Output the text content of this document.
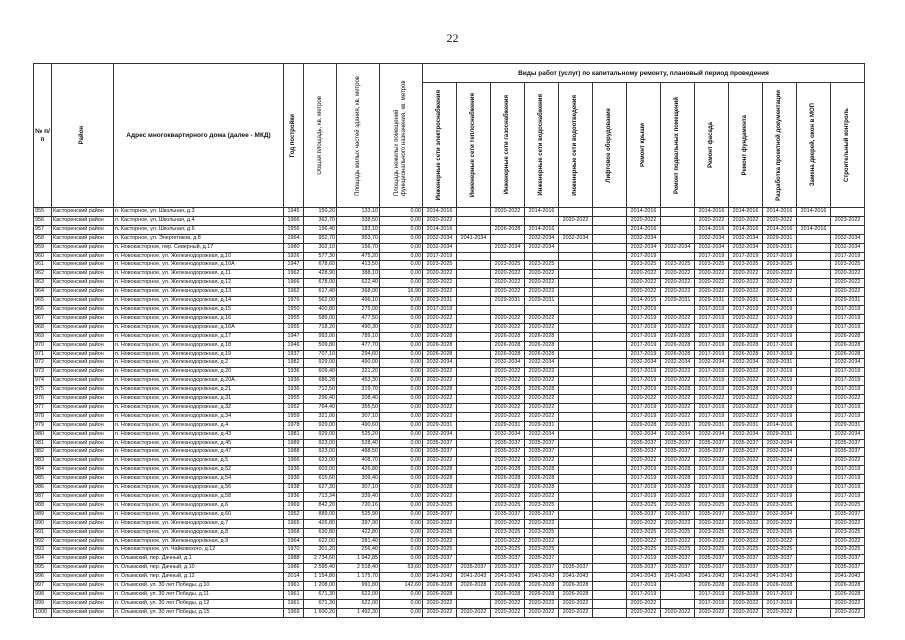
22
№ п/п	Район	Адрес многоквартирного дома (далее - МКД)	Год постройки	Общая площадь, кв. метров	Площадь жилых частей здания, кв. метров	Площадь нежилых помещений функционального назначения, кв. метров	Виды работ (услуг) по капитальному ремонту, плановый период проведения												

							Инженерные сети электроснабжения	Инженерные сети теплоснабжения	Инженерные сети газоснабжения	Инженерные сети водоснабжения	Инженерные сети водоотведения	Лифтовое оборудование	Ремонт крыши	Ремонт подвальных помещений	Ремонт фасада	Ремонт фундамента	Разработка проектной документации	Замена дверей, окон в МОП	Строительный контроль

955	Касторенский район	п. Касторное, ул. Школьная, д.3	1945	150,20	133,10	0,00	2014-2016		2020-2022	2014-2016			2014-2016		2014-2016	2014-2016	2014-2016	2014-2016	
956	Касторенский район	п. Касторное, ул. Школьная, д.4	1966	362,70	338,50	0,00	2020-2022				2020-2022		2020-2022		2020-2022	2020-2022	2020-2022		2023-2022
957	Касторенский район	п. Касторное, ул. Школьная, д.6	1956	196,40	183,10	0,00	2014-2016		2026-2028	2014-2016			2014-2016		2014-2016	2014-2016	2014-2016	2014-2016	
958	Касторенский район	п. Касторное, ул. Энергетиков, д.8	1964	952,70	953,70	0,00	2032-2034	2041-2034		2032-2034	2032-2034		2032-2034		2032-2034	2032-2034	2029-2031		2032-2034
959	Касторенский район	п. Новокасторное, пер. Северный, д.17	1980	302,10	156,70	0,00	2032-2034		2032-2034	2032-2034			2032-2034	2032-2034	2032-2034	2032-2034	2029-2031		2032-2034
960	Касторенский район	п. Новокасторное, ул. Железнодорожная, д.10	1926	577,30	475,20	0,00	2017-2019						2017-2019		2017-2019	2017-2019	2017-2019		2017-2019
961	Касторенский район	п. Новокасторное, ул. Железнодорожная, д.10А	1947	678,60	413,50	0,00	2023-2025		2023-2025	2023-2025			2023-2025	2023-2025	2023-2025	2023-2025	2023-2025		2023-2025
962	Касторенский район	п. Новокасторное, ул. Железнодорожная, д.11	1962	428,90	388,10	0,00	2020-2022		2020-2022	2020-2022			2020-2022	2020-2022	2020-2022	2020-2022	2020-2022		2020-2022
963	Касторенский район	п. Новокасторное, ул. Железнодорожная, д.12	1966	678,00	622,40	0,00	2020-2022		2020-2022	2020-2022			2020-2022	2020-2022	2020-2022	2020-2022	2020-2022		2020-2022
964	Касторенский район	п. Новокасторное, ул. Железнодорожная, д.13	1962	617,40	368,00	16,90	2020-2022		2020-2022	2020-2022			2020-2022	2020-2022	2020-2022	2020-2022	2020-2022		2020-2022
965	Касторенский район	п. Новокасторное, ул. Железнодорожная, д.14	1976	562,00	496,10	0,00	2023-2031		2029-2031	2029-2031			2014-2015	2029-2031	2029-2031	2029-2031	2014-2016		2029-2031
966	Касторенский район	п. Новокасторное, ул. Железнодорожная, д.15	1950	400,80	275,00	0,00	2017-2019						2017-2019		2017-2019	2017-2019	2017-2019		2017-2019
967	Касторенский район	п. Новокасторное, ул. Железнодорожная, д.16	1955	589,00	477,50	0,00	2020-2022		2020-2022	2020-2022			2017-2019	2020-2022	2017-2019	2020-2022	2017-2019		2017-2019
968	Касторенский район	п. Новокасторное, ул. Железнодорожная, д.16А	1955	718,20	490,30	0,00	2020-2022		2020-2022	2020-2022			2017-2019	2020-2022	2017-2019	2020-2022	2017-2019		2017-2019
969	Касторенский район	п. Новокасторное, ул. Железнодорожная, д.17	1947	993,00	789,10	0,00	2026-2028		2026-2028	2026-2028			2017-2019	2026-2028	2017-2019	2026-2028	2017-2019		2026-2028
970	Касторенский район	п. Новокасторное, ул. Железнодорожная, д.18	1946	509,80	477,70	0,00	2026-2028		2026-2028	2026-2028			2017-2019	2026-2028	2017-2019	2026-2028	2017-2019		2026-2028
971	Касторенский район	п. Новокасторное, ул. Железнодорожная, д.19	1937	707,10	294,60	0,00	2026-2028		2026-2028	2026-2028			2017-2019	2026-2028	2017-2019	2026-2028	2017-2019		2026-2028
972	Касторенский район	п. Новокасторное, ул. Железнодорожная, д.2	1982	929,00	490,00	0,00	2032-2034		2032-2034	2032-2034			2032-2034	2032-2034	2032-2034	2032-2034	2029-2031		2032-2034
973	Касторенский район	п. Новокасторное, ул. Железнодорожная, д.20	1936	609,40	321,20	0,00	2020-2022		2020-2022	2020-2022			2017-2019	2020-2022	2017-2019	2020-2022	2017-2019		2017-2019
974	Касторенский район	п. Новокасторное, ул. Железнодорожная, д.20А	1936	686,28	453,30	0,00	2020-2022		2020-2022	2020-2022			2017-2019	2020-2022	2017-2019	2020-2022	2017-2019		2017-2019
975	Касторенский район	п. Новокасторное, ул. Железнодорожная, д.21	1936	712,50	319,70	0,00	2026-2028		2026-2028	2026-2028			2017-2019	2026-2028	2017-2019	2026-2028	2017-2019		2017-2019
976	Касторенский район	п. Новокасторное, ул. Железнодорожная, д.31	1955	296,40	208,40	0,00	2020-2022		2020-2022	2020-2022			2020-2022	2020-2022	2020-2022	2020-2022	2020-2022		2020-2022
977	Касторенский район	п. Новокасторное, ул. Железнодорожная, д.32	1952	764,40	355,50	0,00	2020-2022		2020-2022	2020-2022			2017-2019	2020-2022	2017-2019	2020-2022	2017-2019		2017-2019
978	Касторенский район	п. Новокасторное, ул. Железнодорожная, д.34	1959	321,00	307,10	0,00	2020-2022		2020-2022	2020-2022			2017-2019	2020-2022	2017-2019	2020-2022	2017-2019		2017-2019
979	Касторенский район	п. Новокасторное, ул. Железнодорожная, д.4	1978	929,00	490,60	0,00	2029-2031		2029-2031	2029-2031			2029-2028	2029-2031	2029-2031	2029-2031	2014-2016		2029-2031
980	Касторенский район	п. Новокасторное, ул. Железнодорожная, д.43	1981	929,00	525,20	0,00	2032-2034		2032-2034	2032-2034			2032-2034	2032-2034	2032-2034	2032-2034	2029-2031		2032-2034
981	Касторенский район	п. Новокасторное, ул. Железнодорожная, д.45	1989	923,00	528,40	0,00	2035-2037		2035-2037	2035-2037			2035-2037	2035-2037	2035-2037	2035-2037	2032-2034		2035-2037
982	Касторенский район	п. Новокасторное, ул. Железнодорожная, д.47	1988	923,00	488,50	0,00	2035-2037		2035-2037	2035-2037			2035-2037	2035-2037	2035-2037	2035-2037	2032-2034		2035-2037
983	Касторенский район	п. Новокасторное, ул. Железнодорожная, д.5	1966	623,00	408,70	0,00	2020-2022		2020-2022	2020-2022			2020-2022	2020-2022	2020-2022	2020-2022	2020-2022		2020-2022
984	Касторенский район	п. Новокасторное, ул. Железнодорожная, д.52	1936	603,00	426,80	0,00	2026-2028		2026-2028	2026-2028			2017-2019	2026-2028	2017-2019	2026-2028	2017-2019		2017-2019
985	Касторенский район	п. Новокасторное, ул. Железнодорожная, д.54	1936	615,60	309,40	0,00	2026-2028		2026-2028	2026-2028			2017-2019	2026-2028	2017-2019	2026-2028	2017-2019		2017-2019
986	Касторенский район	п. Новокасторное, ул. Железнодорожная, д.56	1938	627,30	307,10	0,00	2026-2028		2026-2028	2026-2028			2017-2019	2026-2028	2017-2019	2026-2028	2017-2019		2017-2019
987	Касторенский район	п. Новокасторное, ул. Железнодорожная, д.58	1936	713,34	339,40	0,00	2020-2022		2020-2022	2020-2022			2017-2019	2020-2022	2017-2019	2020-2022	2017-2019		2017-2019
988	Касторенский район	п. Новокасторное, ул. Железнодорожная, д.6	1969	842,20	720,16	0,00	2023-2025		2023-2025	2023-2025			2023-2025	2023-2025	2023-2025	2023-2025	2023-2025		2023-2025
989	Касторенский район	п. Новокасторное, ул. Железнодорожная, д.60	1952	889,00	525,90	0,00	2035-2037		2035-2037	2035-2037			2035-2037	2035-2037	2035-2037	2035-2037	2032-2034		2035-2037
990	Касторенский район	п. Новокасторное, ул. Железнодорожная, д.7	1965	426,80	397,90	0,00	2020-2022		2020-2022	2020-2022			2020-2022	2020-2022	2020-2022	2020-2022	2020-2022		2020-2022
991	Касторенский район	п. Новокасторное, ул. Железнодорожная, д.8	1968	630,80	422,80	0,00	2023-2025		2023-2025	2023-2025			2023-2025	2023-2025	2023-2025	2023-2025	2023-2025		2023-2025
992	Касторенский район	п. Новокасторное, ул. Железнодорожная, д.9	1964	622,00	281,40	0,00	2020-2022		2020-2022	2020-2022			2020-2022	2020-2022	2020-2022	2020-2022	2020-2022		2020-2022
993	Касторенский район	п. Новокасторное, ул. Чайковского, д.12	1970	301,20	256,40	0,00	2023-2025		2023-2025	2023-2025			2023-2025	2023-2025	2023-2025	2023-2025	2023-2025		2023-2025
994	Касторенский район	п. Олымский, пер. Дачный, д.1	1988	2 734,60	1 942,85	0,00	2035-2037		2035-2037	2035-2037			2017-2019	2035-2037	2035-2037	2035-2037	2035-2037		2035-2037
995	Касторенский район	п. Олымский, пер. Дачный, д.10	1986	2 595,40	2 518,40	53,60	2035-2037	2035-2037	2035-2037	2035-2037	2035-2037		2035-2037	2035-2037	2035-2037	2035-2037	2035-2037		2035-2037
996	Касторенский район	п. Олымский, пер. Дачный, д.12	2014	1 154,80	1 175,70	0,00	2041-2043	2041-2043	2041-2043	2041-2043	2041-2043		2041-2043	2041-2043	2041-2043	2041-2043	2041-2043		2041-2043
997	Касторенский район	п. Олымский, ул. 30 лет Победы, д.10	1961	1 208,00	991,80	142,60	2026-2028	2026-2028	2026-2028	2026-2028	2026-2028		2017-2019		2026-2028	2026-2028	2026-2028		2026-2028
998	Касторенский район	п. Олымский, ул. 30 лет Победы, д.11	1961	671,30	622,00	0,00	2026-2028		2026-2028	2026-2028	2026-2028		2017-2019		2017-2019	2026-2028	2017-2019		2026-2028
999	Касторенский район	п. Олымский, ул. 30 лет Победы, д.12	1961	671,30	622,00	0,00	2020-2022		2020-2022	2020-2022	2020-2022		2020-2022		2017-2019	2020-2022	2017-2019		2020-2022
1000	Касторенский район	п. Олымский, ул. 30 лет Победы, д.15	1969	1 600,20	1 492,30	0,00	2020-2022	2020-2022	2020-2022	2020-2022	2020-2022		2020-2022	2020-2022	2020-2022	2020-2022	2020-2022		2020-2022
